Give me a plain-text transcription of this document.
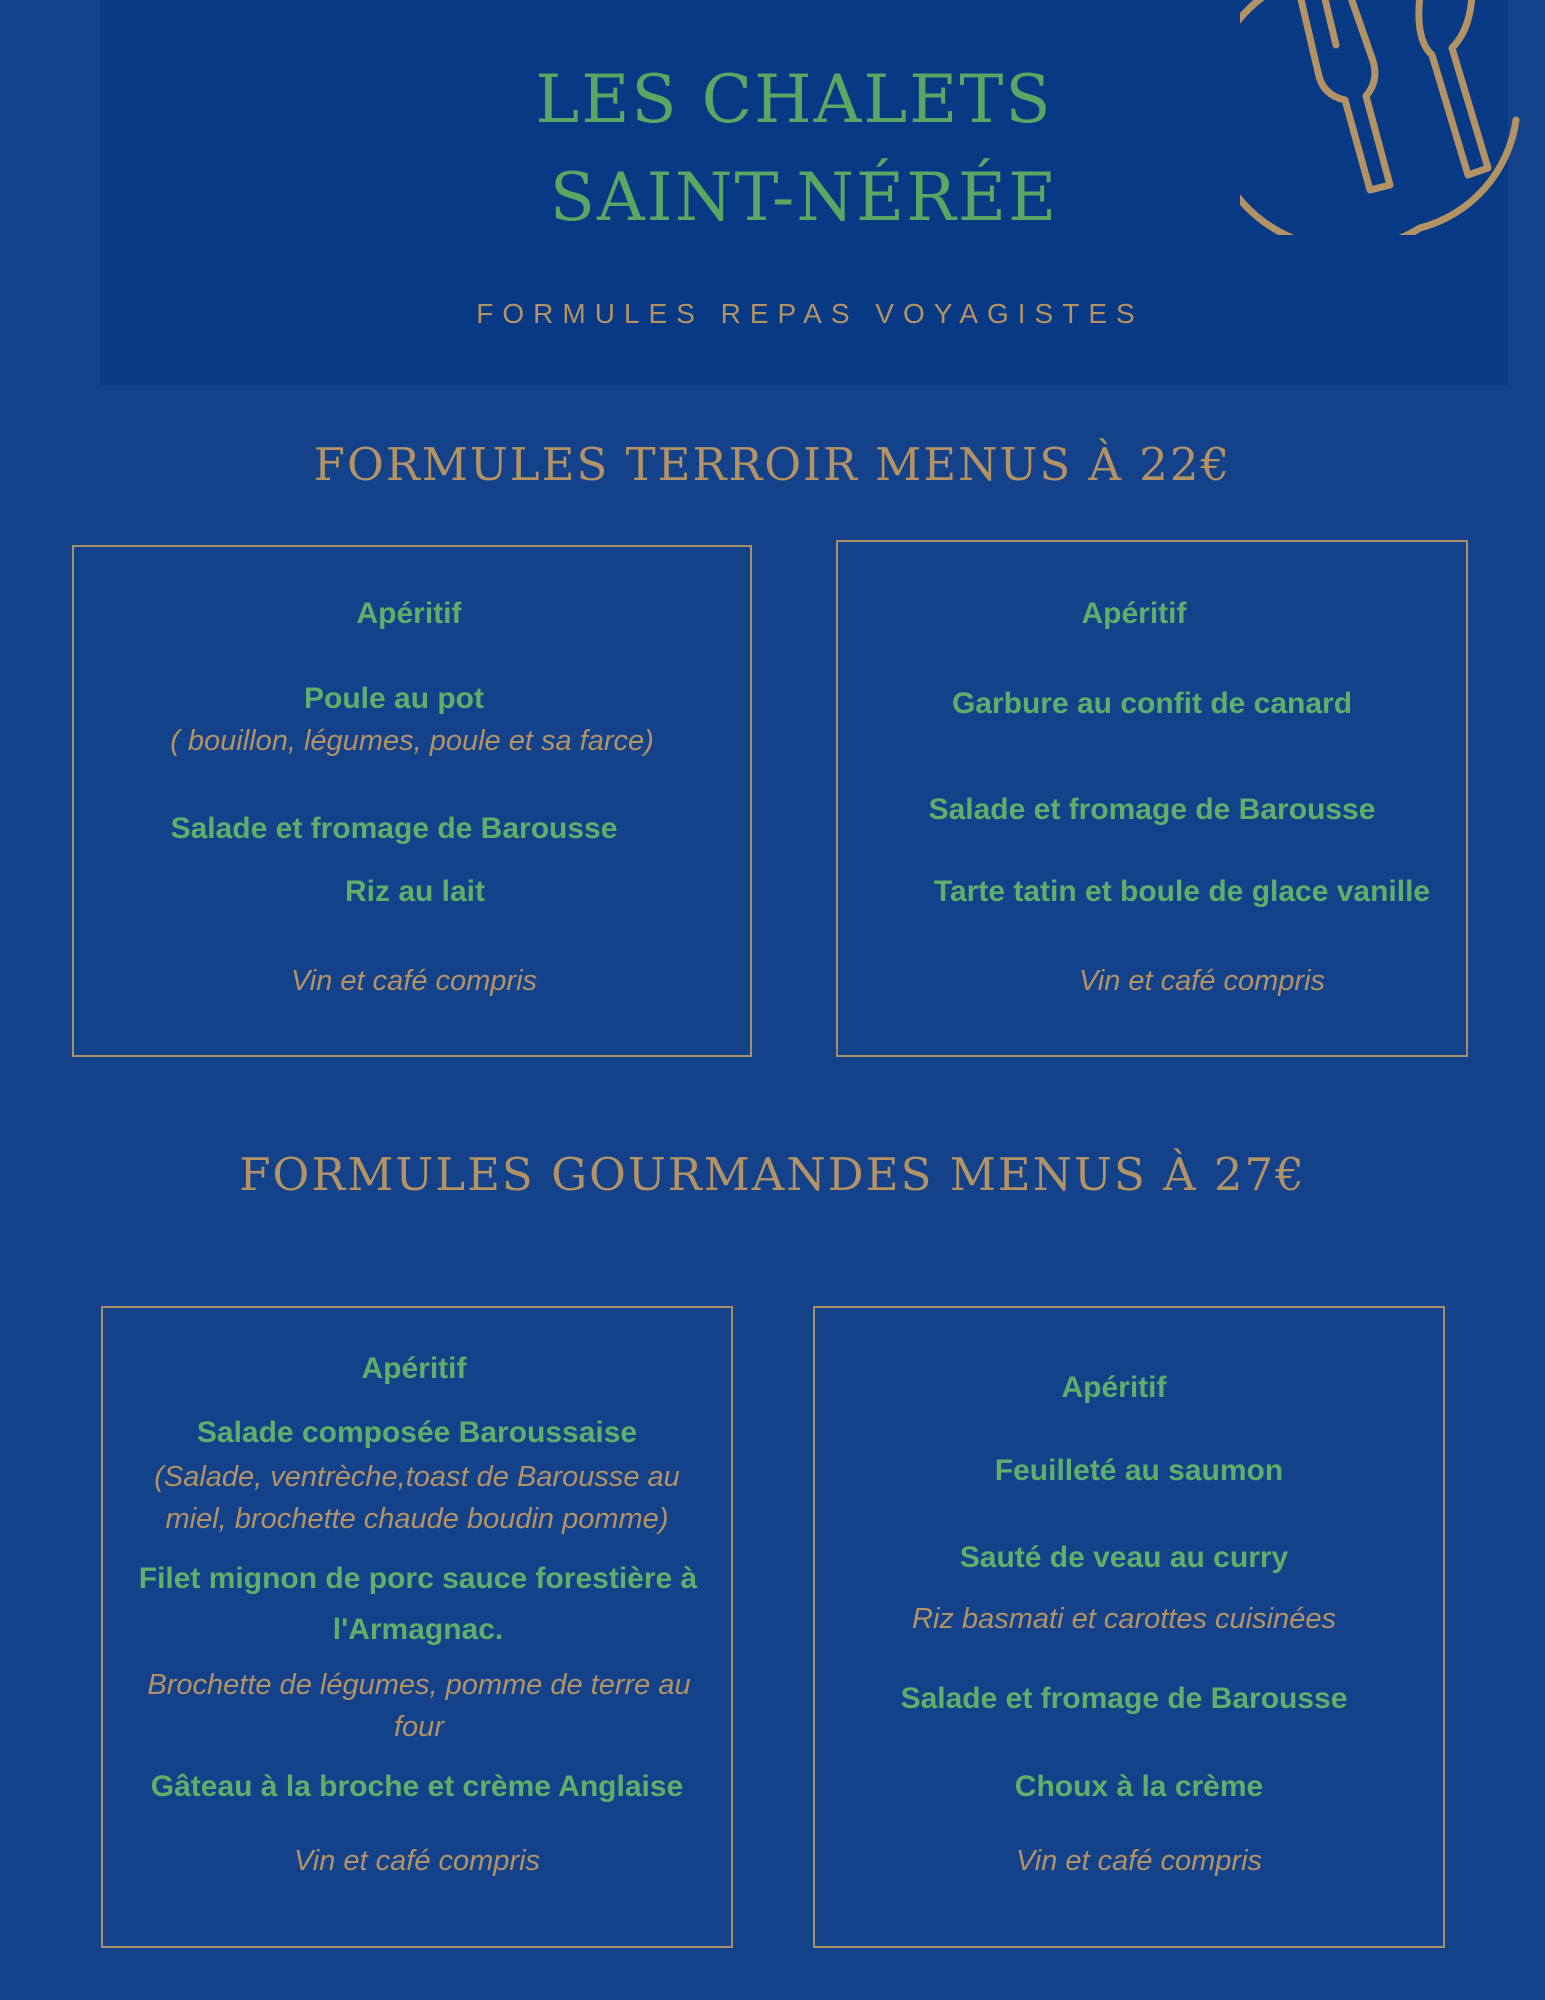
LES CHALETS
SAINT-NÉRÉE

FORMULES REPAS VOYAGISTES

FORMULES TERROIR MENUS À 22€

Apéritif

Poule au pot

( bouillon, légumes, poule et sa farce)

Salade et fromage de Barousse

Riz au lait

Vin et café compris

Apéritif

Garbure au confit de canard

Salade et fromage de Barousse

Tarte tatin et boule de glace vanille

Vin et café compris

FORMULES GOURMANDES MENUS À 27€

Apéritif

Salade composée Baroussaise

(Salade, ventrèche,toast de Barousse au miel, brochette chaude boudin pomme)

Filet mignon de porc sauce forestière à l'Armagnac.

Brochette de légumes, pomme de terre au four

Gâteau à la broche et crème Anglaise

Vin et café compris

Apéritif

Feuilleté au saumon

Sauté de veau au curry

Riz basmati et carottes cuisinées

Salade et fromage de Barousse

Choux à la crème

Vin et café compris
